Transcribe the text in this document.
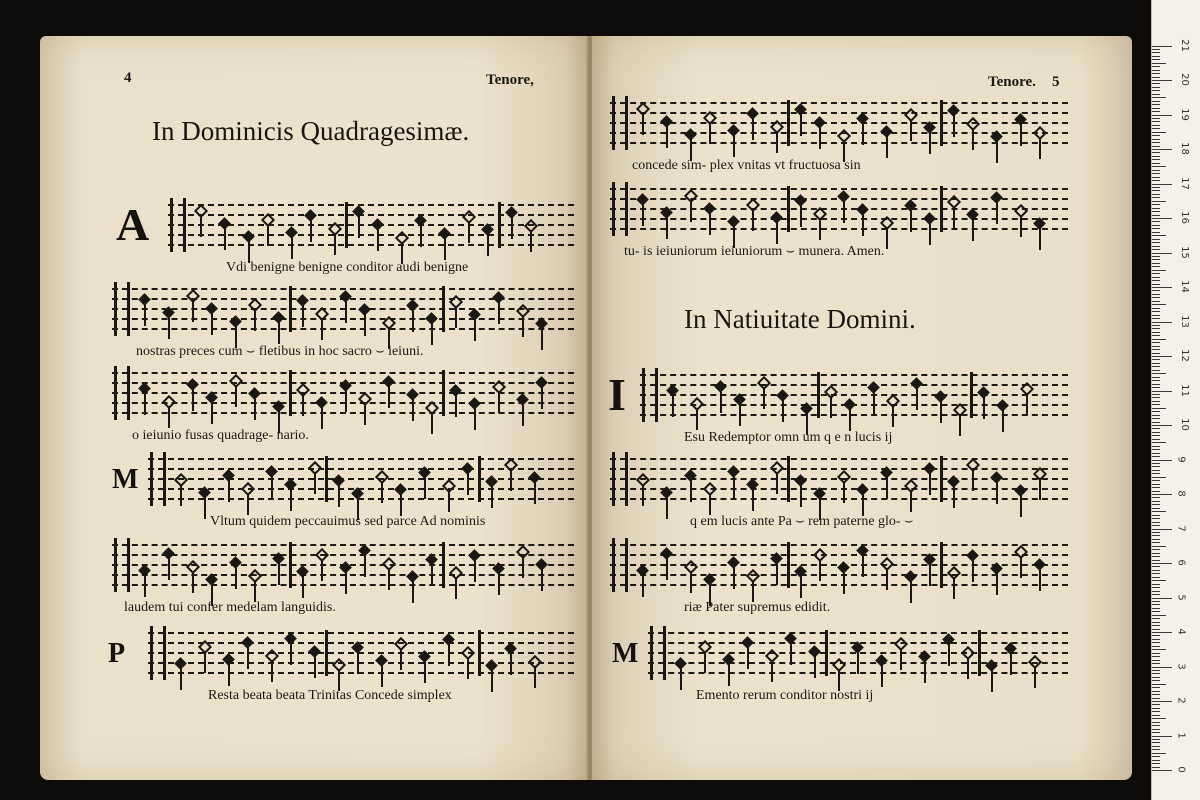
4	Tenore,
In Dominicis Quadragesimæ.
A
Vdi benigne benigne conditor audi benigne
nostras preces cum ⌣ fletibus in hoc sacro ⌣ ieiuni.
o ieiunio fusas quadrage- nario.
M
Vltum quidem peccauimus sed parce Ad nominis
laudem tui confer medelam languidis.
P
Resta beata beata Trinitas Concede simplex
Tenore. 5
In Natiuitate Domini.
concede sim- plex vnitas vt fructuosa sin
tu- is ieiuniorum ieiuniorum ⌣ munera. Amen.
I
Esu Redemptor omn um q e n lucis ij
q em lucis ante Pa ⌣ rem paterne glo- ⌣
riæ Pater supremus edidit.
M
Emento rerum conditor nostri ij
0
1
2
3
4
5
6
7
8
9
10
11
12
13
14
15
16
17
18
19
20
21
